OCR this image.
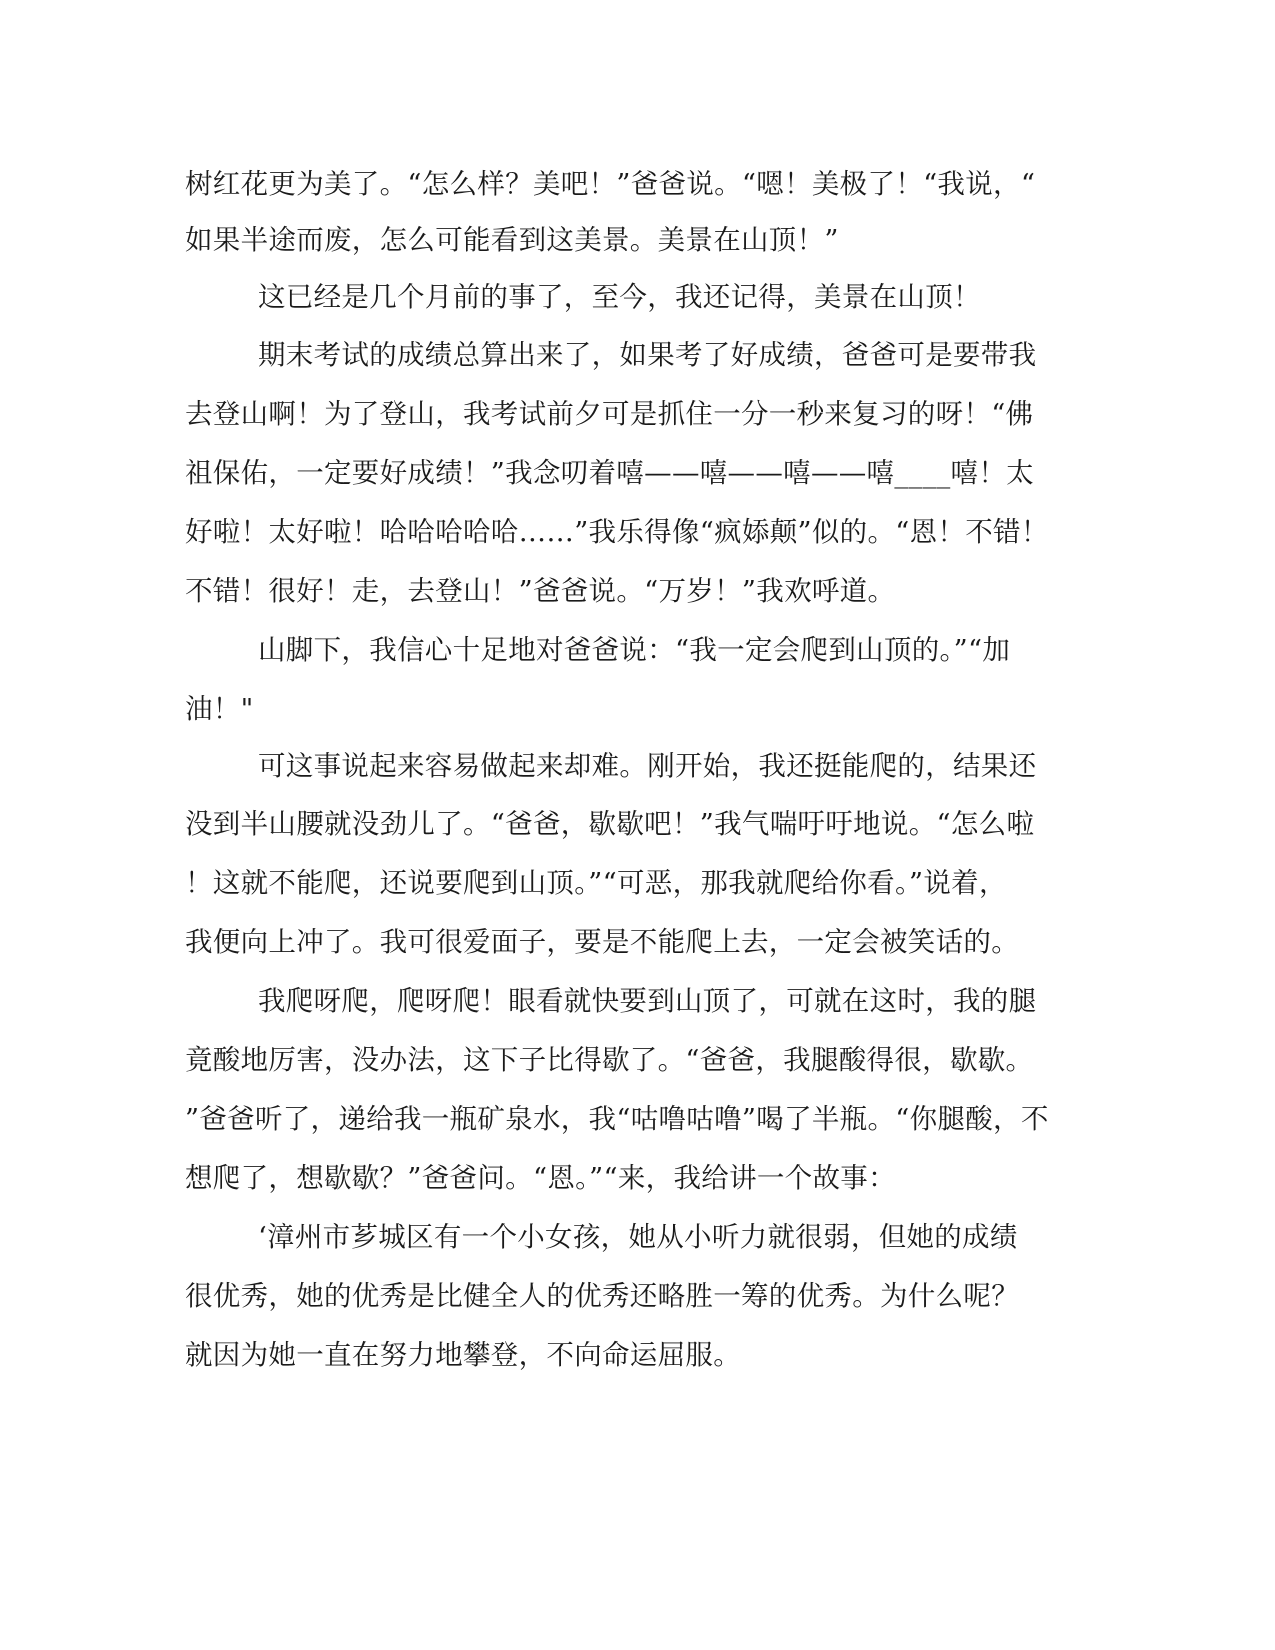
树红花更为美了。“怎么样？美吧！”爸爸说。“嗯！美极了！“我说，“
如果半途而废，怎么可能看到这美景。美景在山顶！”
这已经是几个月前的事了，至今，我还记得，美景在山顶！
期末考试的成绩总算出来了，如果考了好成绩，爸爸可是要带我
去登山啊！为了登山，我考试前夕可是抓住一分一秒来复习的呀！“佛
祖保佑，一定要好成绩！”我念叨着嘻——嘻——嘻——嘻____嘻！太
好啦！太好啦！哈哈哈哈哈……”我乐得像“疯婖颠”似的。“恩！不错！
不错！很好！走，去登山！”爸爸说。“万岁！”我欢呼道。
山脚下，我信心十足地对爸爸说：“我一定会爬到山顶的。”“加
油！"
可这事说起来容易做起来却难。刚开始，我还挺能爬的，结果还
没到半山腰就没劲儿了。“爸爸，歇歇吧！”我气喘吁吁地说。“怎么啦
！这就不能爬，还说要爬到山顶。”“可恶，那我就爬给你看。”说着，
我便向上冲了。我可很爱面子，要是不能爬上去，一定会被笑话的。
我爬呀爬，爬呀爬！眼看就快要到山顶了，可就在这时，我的腿
竟酸地厉害，没办法，这下子比得歇了。“爸爸，我腿酸得很，歇歇。
”爸爸听了，递给我一瓶矿泉水，我“咕噜咕噜”喝了半瓶。“你腿酸，不
想爬了，想歇歇？”爸爸问。“恩。”“来，我给讲一个故事：
‘漳州市芗城区有一个小女孩，她从小听力就很弱，但她的成绩
很优秀，她的优秀是比健全人的优秀还略胜一筹的优秀。为什么呢？
就因为她一直在努力地攀登，不向命运屈服。
